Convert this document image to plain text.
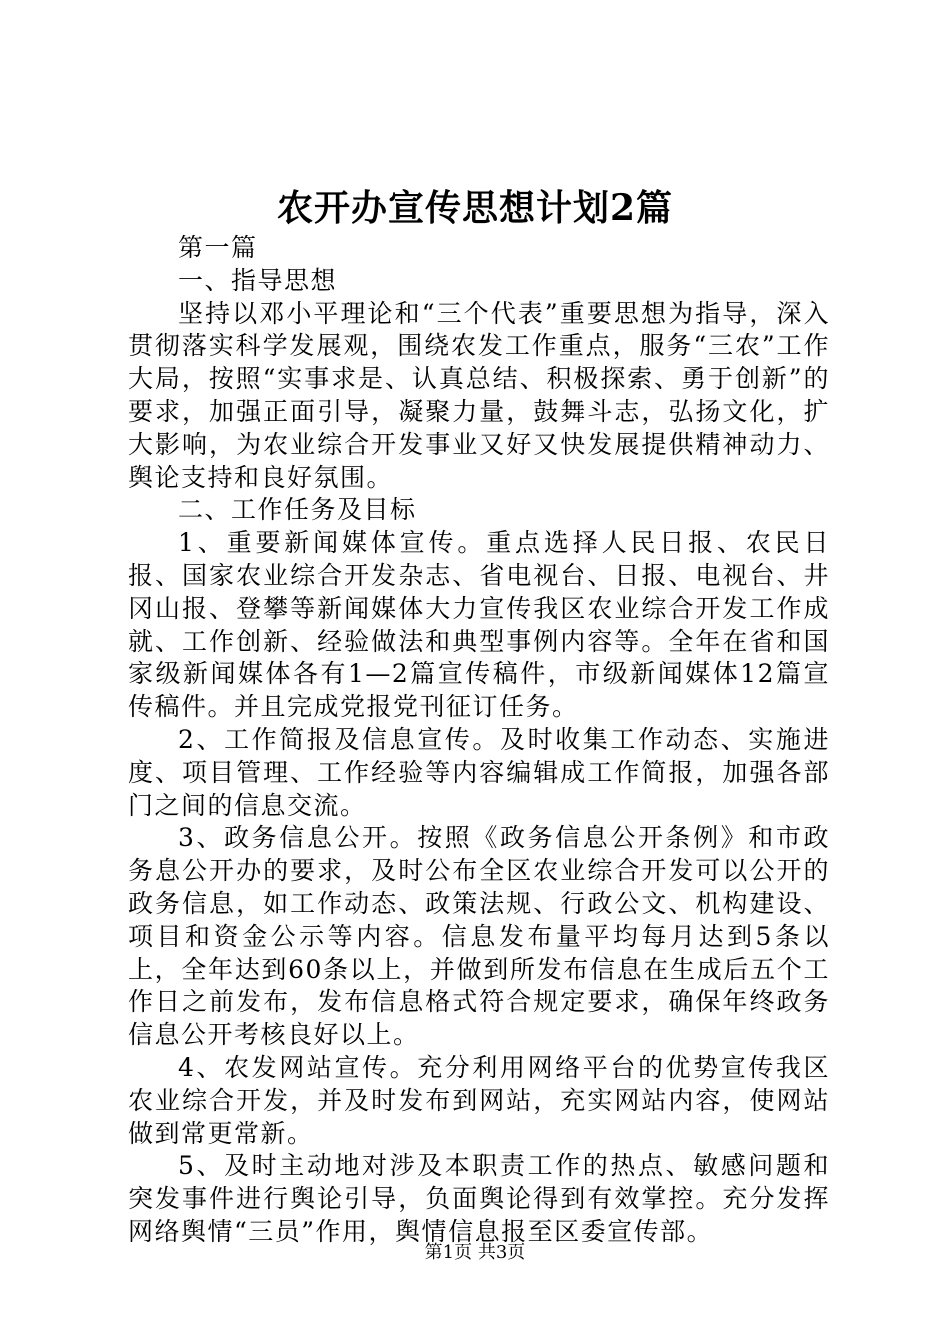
农开办宣传思想计划2篇

第一篇

一、指导思想

坚持以邓小平理论和“三个代表”重要思想为指导，深入贯彻落实科学发展观，围绕农发工作重点，服务“三农”工作大局，按照“实事求是、认真总结、积极探索、勇于创新”的要求，加强正面引导，凝聚力量，鼓舞斗志，弘扬文化，扩大影响，为农业综合开发事业又好又快发展提供精神动力、舆论支持和良好氛围。

二、工作任务及目标

1、重要新闻媒体宣传。重点选择人民日报、农民日报、国家农业综合开发杂志、省电视台、日报、电视台、井冈山报、登攀等新闻媒体大力宣传我区农业综合开发工作成就、工作创新、经验做法和典型事例内容等。全年在省和国家级新闻媒体各有1—2篇宣传稿件，市级新闻媒体12篇宣传稿件。并且完成党报党刊征订任务。

2、工作简报及信息宣传。及时收集工作动态、实施进度、项目管理、工作经验等内容编辑成工作简报，加强各部门之间的信息交流。

3、政务信息公开。按照《政务信息公开条例》和市政务息公开办的要求，及时公布全区农业综合开发可以公开的政务信息，如工作动态、政策法规、行政公文、机构建设、项目和资金公示等内容。信息发布量平均每月达到5条以上，全年达到60条以上，并做到所发布信息在生成后五个工作日之前发布，发布信息格式符合规定要求，确保年终政务信息公开考核良好以上。

4、农发网站宣传。充分利用网络平台的优势宣传我区农业综合开发，并及时发布到网站，充实网站内容，使网站做到常更常新。

5、及时主动地对涉及本职责工作的热点、敏感问题和突发事件进行舆论引导，负面舆论得到有效掌控。充分发挥网络舆情“三员”作用，舆情信息报至区委宣传部。

第1页 共3页
